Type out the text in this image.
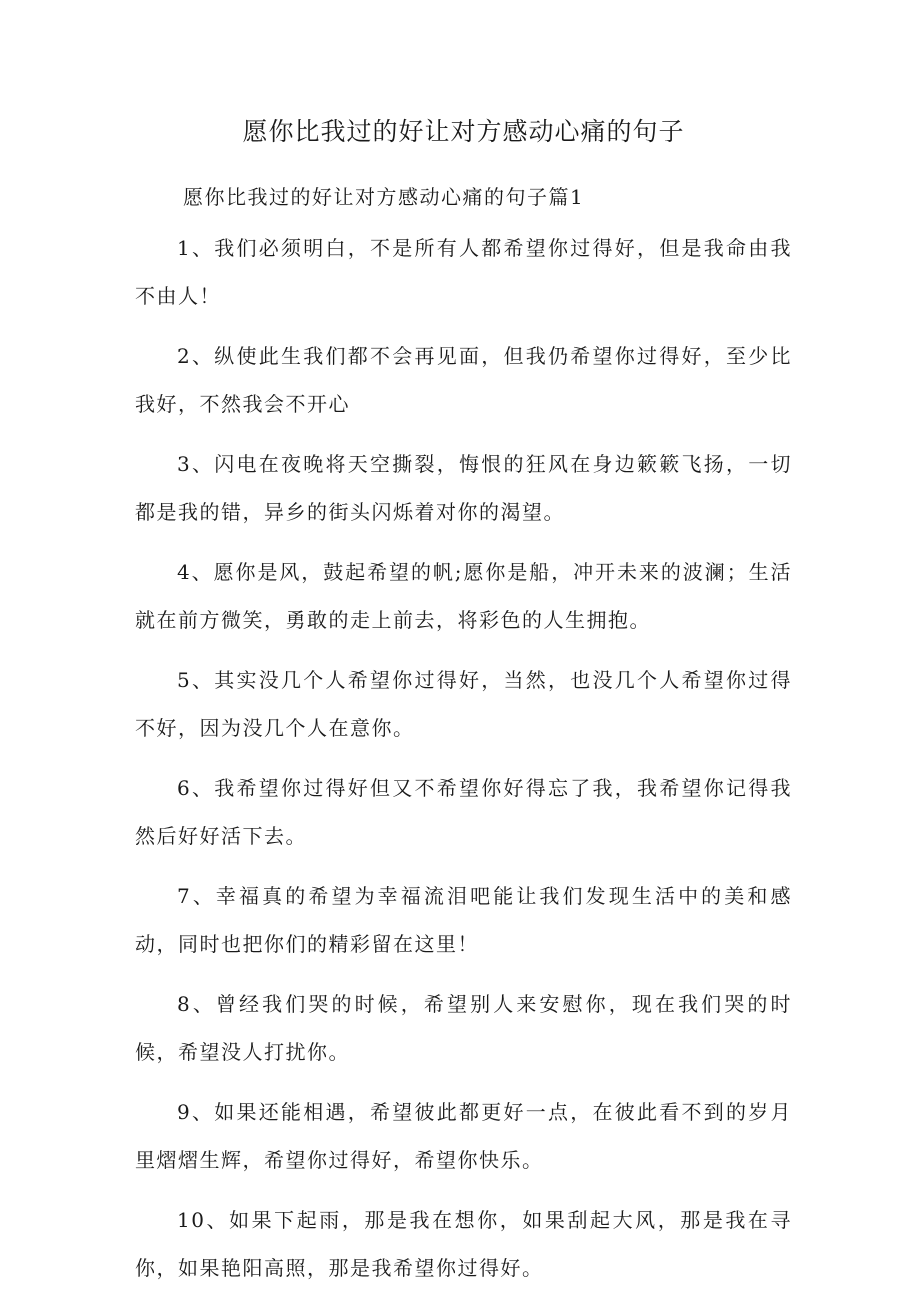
愿你比我过的好让对方感动心痛的句子

愿你比我过的好让对方感动心痛的句子篇1

1、我们必须明白，不是所有人都希望你过得好，但是我命由我不由人！

2、纵使此生我们都不会再见面，但我仍希望你过得好，至少比我好，不然我会不开心

3、闪电在夜晚将天空撕裂，悔恨的狂风在身边簌簌飞扬，一切都是我的错，异乡的街头闪烁着对你的渴望。

4、愿你是风，鼓起希望的帆;愿你是船，冲开未来的波澜；生活就在前方微笑，勇敢的走上前去，将彩色的人生拥抱。

5、其实没几个人希望你过得好，当然，也没几个人希望你过得不好，因为没几个人在意你。

6、我希望你过得好但又不希望你好得忘了我，我希望你记得我然后好好活下去。

7、幸福真的希望为幸福流泪吧能让我们发现生活中的美和感动，同时也把你们的精彩留在这里！

8、曾经我们哭的时候，希望别人来安慰你，现在我们哭的时候，希望没人打扰你。

9、如果还能相遇，希望彼此都更好一点，在彼此看不到的岁月里熠熠生辉，希望你过得好，希望你快乐。

10、如果下起雨，那是我在想你，如果刮起大风，那是我在寻你，如果艳阳高照，那是我希望你过得好。
